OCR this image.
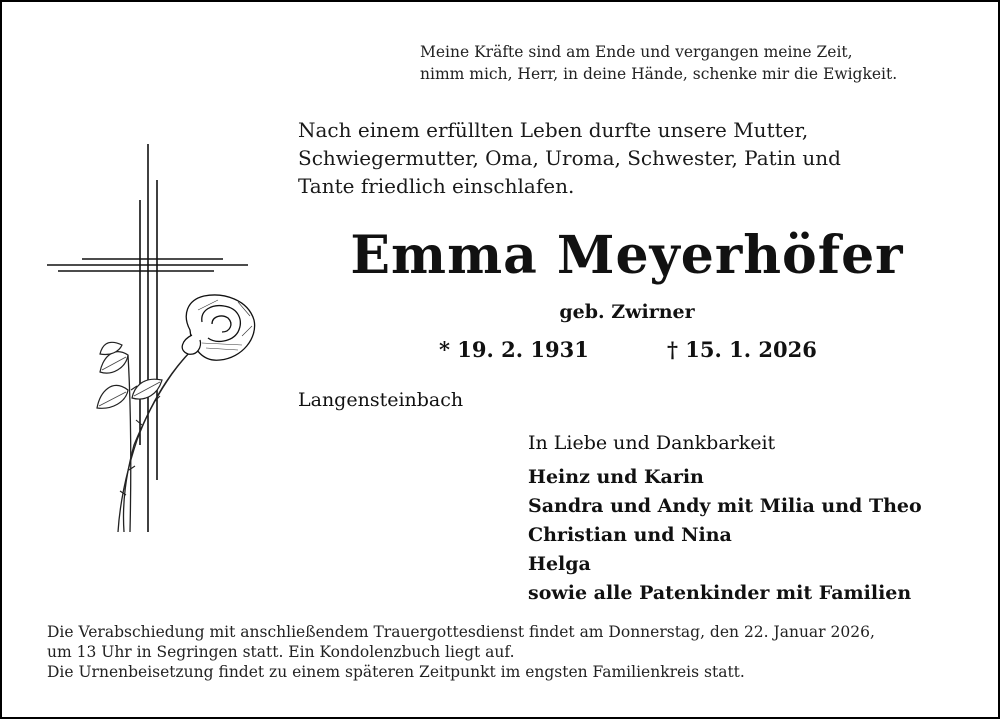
Meine Kräfte sind am Ende und vergangen meine Zeit,
nimm mich, Herr, in deine Hände, schenke mir die Ewigkeit.

Nach einem erfüllten Leben durfte unsere Mutter,
Schwiegermutter, Oma, Uroma, Schwester, Patin und
Tante friedlich einschlafen.

Emma Meyerhöfer
geb. Zwirner
* 19. 2. 1931	† 15. 1. 2026
Langensteinbach
In Liebe und Dankbarkeit
Heinz und Karin
Sandra und Andy mit Milia und Theo
Christian und Nina
Helga
sowie alle Patenkinder mit Familien
Die Verabschiedung mit anschließendem Trauergottesdienst findet am Donnerstag, den 22. Januar 2026,
um 13 Uhr in Segringen statt. Ein Kondolenzbuch liegt auf.
Die Urnenbeisetzung findet zu einem späteren Zeitpunkt im engsten Familienkreis statt.
